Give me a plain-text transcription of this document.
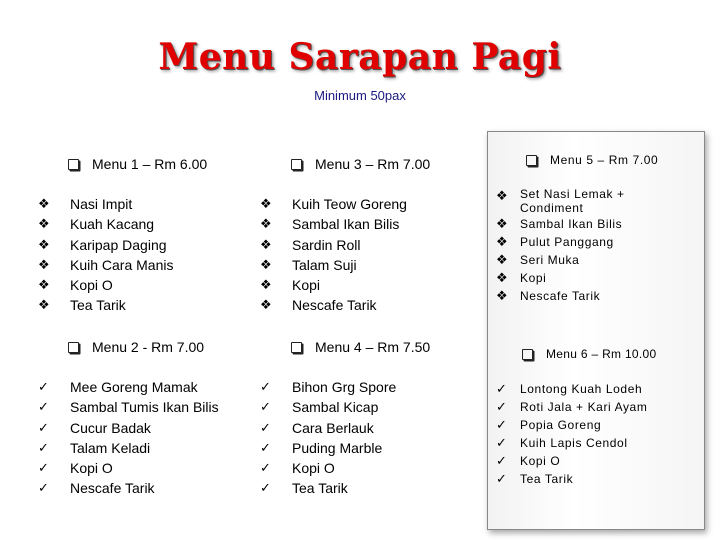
Menu Sarapan Pagi
Minimum 50pax
Menu 1 – Rm 6.00
❖	Nasi Impit
❖	Kuah Kacang
❖	Karipap Daging
❖	Kuih Cara Manis
❖	Kopi O
❖	Tea Tarik
Menu 2 - Rm 7.00
✓	Mee Goreng Mamak
✓	Sambal Tumis Ikan Bilis
✓	Cucur Badak
✓	Talam Keladi
✓	Kopi O
✓	Nescafe Tarik
Menu 3 – Rm 7.00
❖	Kuih Teow Goreng
❖	Sambal Ikan Bilis
❖	Sardin Roll
❖	Talam Suji
❖	Kopi
❖	Nescafe Tarik
Menu 4 – Rm 7.50
✓	Bihon Grg Spore
✓	Sambal Kicap
✓	Cara Berlauk
✓	Puding Marble
✓	Kopi O
✓	Tea Tarik
Menu 5 – Rm 7.00
❖ Set Nasi Lemak + Condiment
❖ Sambal Ikan Bilis
❖ Pulut Panggang
❖ Seri Muka
❖ Kopi
❖ Nescafe Tarik
Menu 6 – Rm 10.00
✓	Lontong Kuah Lodeh
✓	Roti Jala + Kari Ayam
✓	Popia Goreng
✓	Kuih Lapis Cendol
✓	Kopi O
✓	Tea Tarik
